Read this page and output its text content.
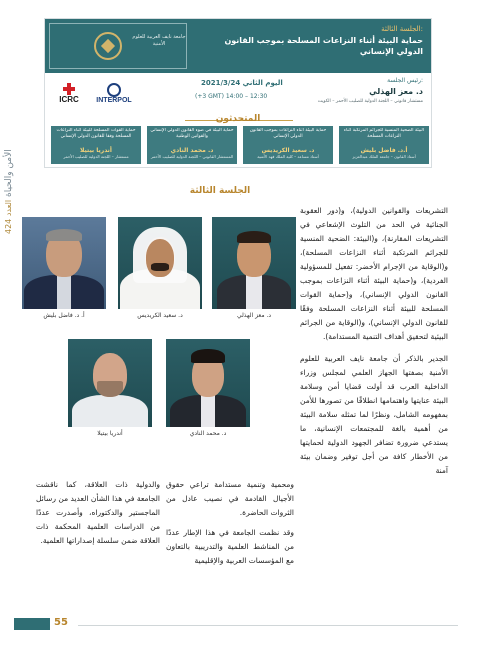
الأمن والحياة العدد 424
جامعة نايف العربية للعلوم الأمنية
الجلسة الثالثة:
حماية البيئة أثناء النزاعات المسلحة بموجب القانون الدولي الإنساني
اليوم الثاني 2021/3/24
(+3 GMT) 14:00 – 12:30
رئيس الجلسة:
د. معز الهذلي
مستشار قانوني – اللجنة الدولية للصليب الأحمر – الكويت
ICRC	INTERPOL
المتحدثون
البيئة الضحية المنسية للجرائم المرتكبة أثناء النزاعات المسلحة
أ.د. فاضل بليش
أستاذ القانون – جامعة الملك عبدالعزيز
حماية البيئة أثناء النزاعات بموجب القانون الدولي الإنساني
د. سعيد الكريديس
أستاذ مساعد – كلية الملك فهد الأمنية
حماية البيئة في ضوء القانون الدولي الإنساني والقوانين الوطنية
د. محمد النادي
المستشار القانوني – اللجنة الدولية للصليب الأحمر
حماية القوات المسلحة للبيئة أثناء النزاعات المسلحة وفقا للقانون الدولي الإنساني
أندريا بيتيلا
مستشار – اللجنة الدولية للصليب الأحمر
الجلسة الثالثة
د. معز الهذلي
د. سعيد الكريديس
أ. د. فاضل بليش
د. محمد النادي
أندريا بيتيلا

التشريعات والقوانين الدولية)، و(دور العقوبة الجنائية في الحد من التلوث الإشعاعي في التشريعات المقارنة)، و(البيئة: الضحية المنسية للجرائم المرتكبة أثناء النزاعات المسلحة)، و(الوقاية من الإجرام الأخضر: تفعيل للمسؤولية الفردية)، و(حماية البيئة أثناء النزاعات بموجب القانون الدولي الإنساني)، و(حماية القوات المسلحة للبيئة أثناء النزاعات المسلحة وفقًا للقانون الدولي الإنساني)، و(الوقاية من الجرائم البيئية لتحقيق أهداف التنمية المستدامة).

الجدير بالذكر أن جامعة نايف العربية للعلوم الأمنية بصفتها الجهاز العلمي لمجلس وزراء الداخلية العرب قد أولت قضايا أمن وسلامة البيئة عنايتها واهتمامها انطلاقًا من تصورها للأمن بمفهومه الشامل، ونظرًا لما تمثله سلامة البيئة من أهمية بالغة للمجتمعات الإنسانية، ما يستدعي ضرورة تضافر الجهود الدولية لحمايتها من الأخطار كافة من أجل توفير وضمان بيئة آمنة

ومحمية وتنمية مستدامة تراعي حقوق الأجيال القادمة في نصيب عادل من الثروات الحاضرة.

وقد نظمت الجامعة في هذا الإطار عددًا من المناشط العلمية والتدريبية بالتعاون مع المؤسسات العربية والإقليمية

والدولية ذات العلاقة، كما ناقشت الجامعة في هذا الشأن العديد من رسائل الماجستير والدكتوراه، وأصدرت عددًا من الدراسات العلمية المحكمة ذات العلاقة ضمن سلسلة إصداراتها العلمية.

55
